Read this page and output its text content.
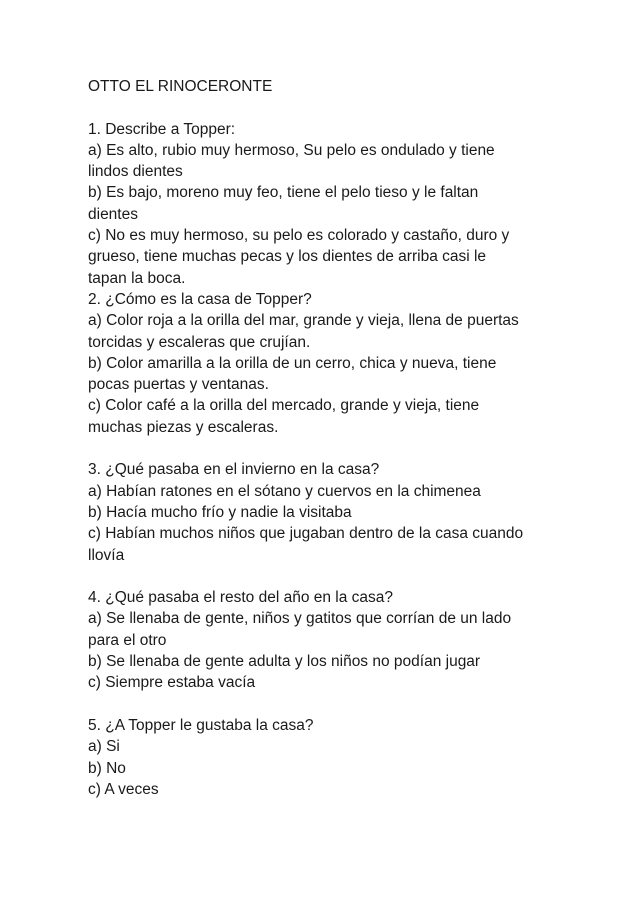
OTTO EL RINOCERONTE
1. Describe a Topper:
a) Es alto, rubio muy hermoso, Su pelo es ondulado y tiene
lindos dientes
b) Es bajo, moreno muy feo, tiene el pelo tieso y le faltan
dientes
c) No es muy hermoso, su pelo es colorado y castaño, duro y
grueso, tiene muchas pecas y los dientes de arriba casi le
tapan la boca.
2. ¿Cómo es la casa de Topper?
a) Color roja a la orilla del mar, grande y vieja, llena de puertas
torcidas y escaleras que crujían.
b) Color amarilla a la orilla de un cerro, chica y nueva, tiene
pocas puertas y ventanas.
c) Color café a la orilla del mercado, grande y vieja, tiene
muchas piezas y escaleras.
3. ¿Qué pasaba en el invierno en la casa?
a) Habían ratones en el sótano y cuervos en la chimenea
b) Hacía mucho frío y nadie la visitaba
c) Habían muchos niños que jugaban dentro de la casa cuando
llovía
4. ¿Qué pasaba el resto del año en la casa?
a) Se llenaba de gente, niños y gatitos que corrían de un lado
para el otro
b) Se llenaba de gente adulta y los niños no podían jugar
c) Siempre estaba vacía
5. ¿A Topper le gustaba la casa?
a) Si
b) No
c) A veces
